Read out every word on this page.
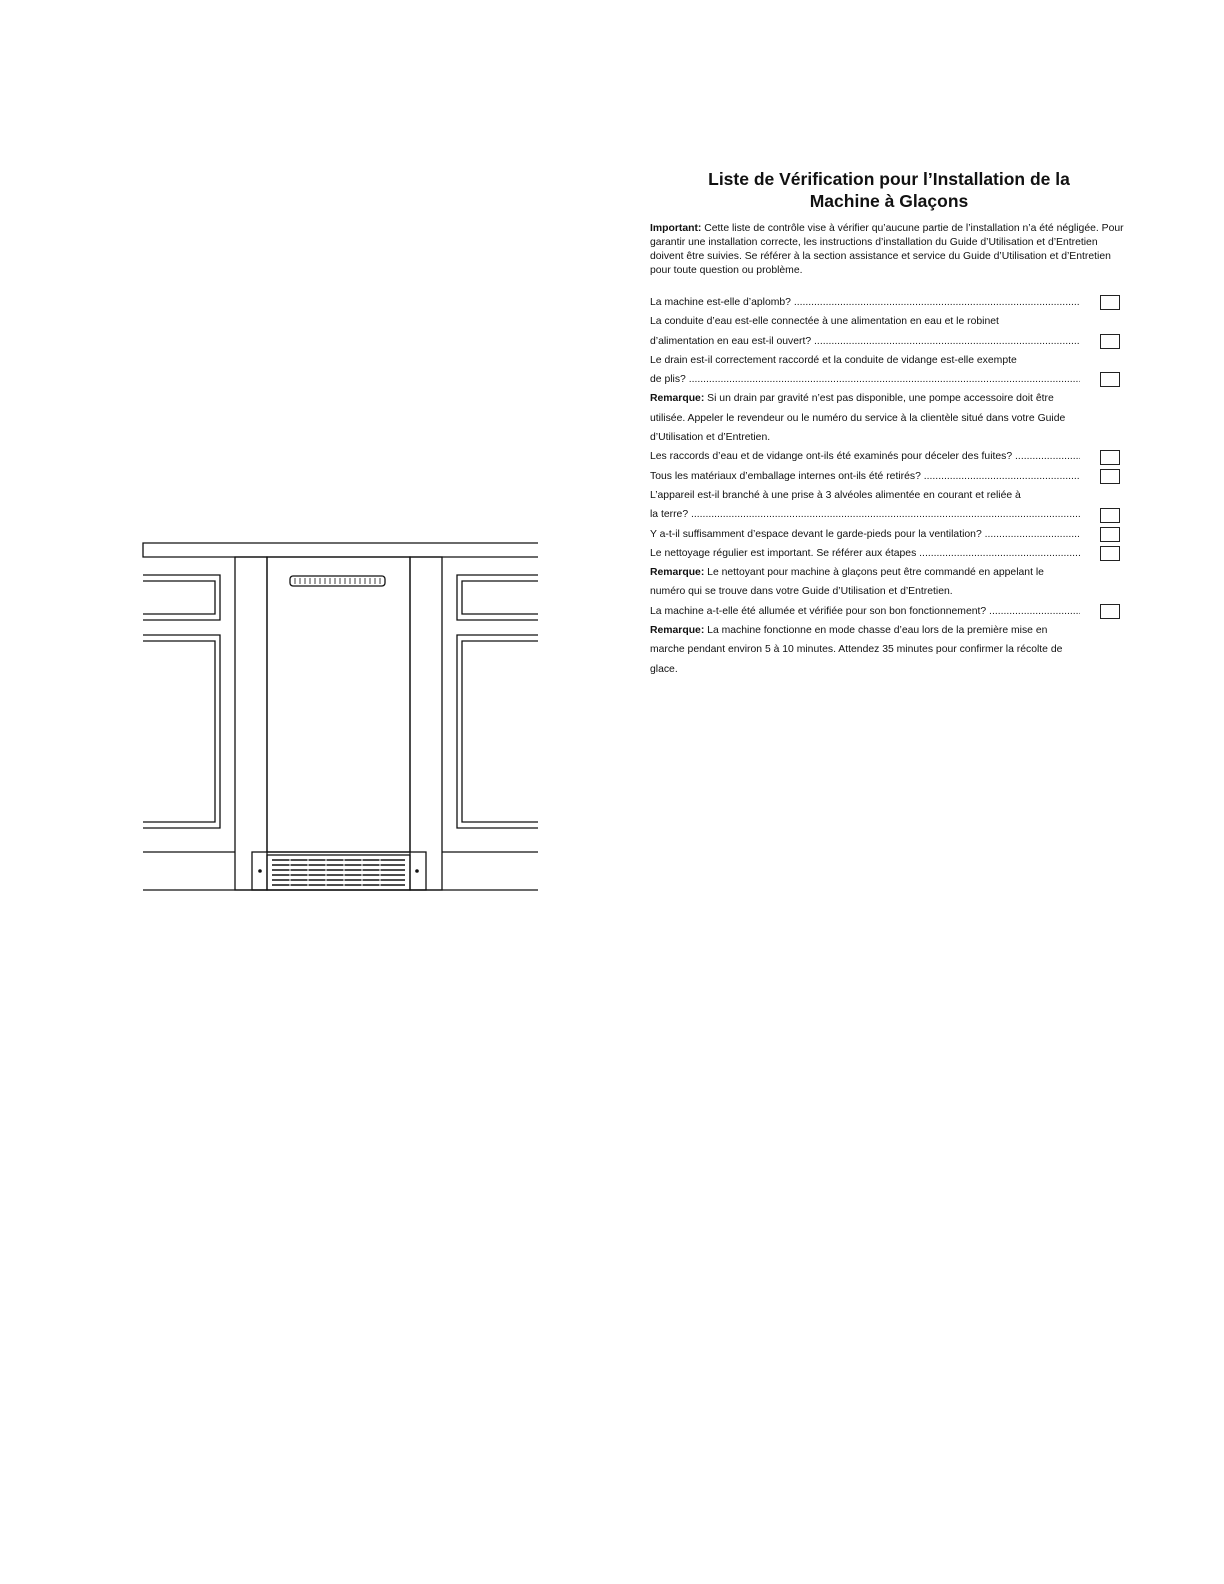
Liste de Vérification pour l’Installation de la
Machine à Glaçons

Important: Cette liste de contrôle vise à vérifier qu’aucune partie de l’installation n’a été négligée. Pour garantir une installation correcte, les instructions d’installation du Guide d’Utilisation et d’Entretien doivent être suivies. Se référer à la section assistance et service du Guide d’Utilisation et d’Entretien pour toute question ou problème.

La machine est-elle d’aplomb? .....
La conduite d’eau est-elle connectée à une alimentation en eau et le robinet
d’alimentation en eau est-il ouvert? .....
Le drain est-il correctement raccordé et la conduite de vidange est-elle exempte
de plis? .....
Remarque: Si un drain par gravité n’est pas disponible, une pompe accessoire doit être utilisée. Appeler le revendeur ou le numéro du service à la clientèle situé dans votre Guide d’Utilisation et d’Entretien.
Les raccords d’eau et de vidange ont-ils été examinés pour déceler des fuites? .....
Tous les matériaux d’emballage internes ont-ils été retirés? .....
L’appareil est-il branché à une prise à 3 alvéoles alimentée en courant et reliée à
la terre? .....
Y a-t-il suffisamment d’espace devant le garde-pieds pour la ventilation? .....
Le nettoyage régulier est important. Se référer aux étapes .....
Remarque: Le nettoyant pour machine à glaçons peut être commandé en appelant le numéro qui se trouve dans votre Guide d’Utilisation et d’Entretien.
La machine a-t-elle été allumée et vérifiée pour son bon fonctionnement? .....
Remarque: La machine fonctionne en mode chasse d’eau lors de la première mise en marche pendant environ 5 à 10 minutes. Attendez 35 minutes pour confirmer la récolte de glace.
